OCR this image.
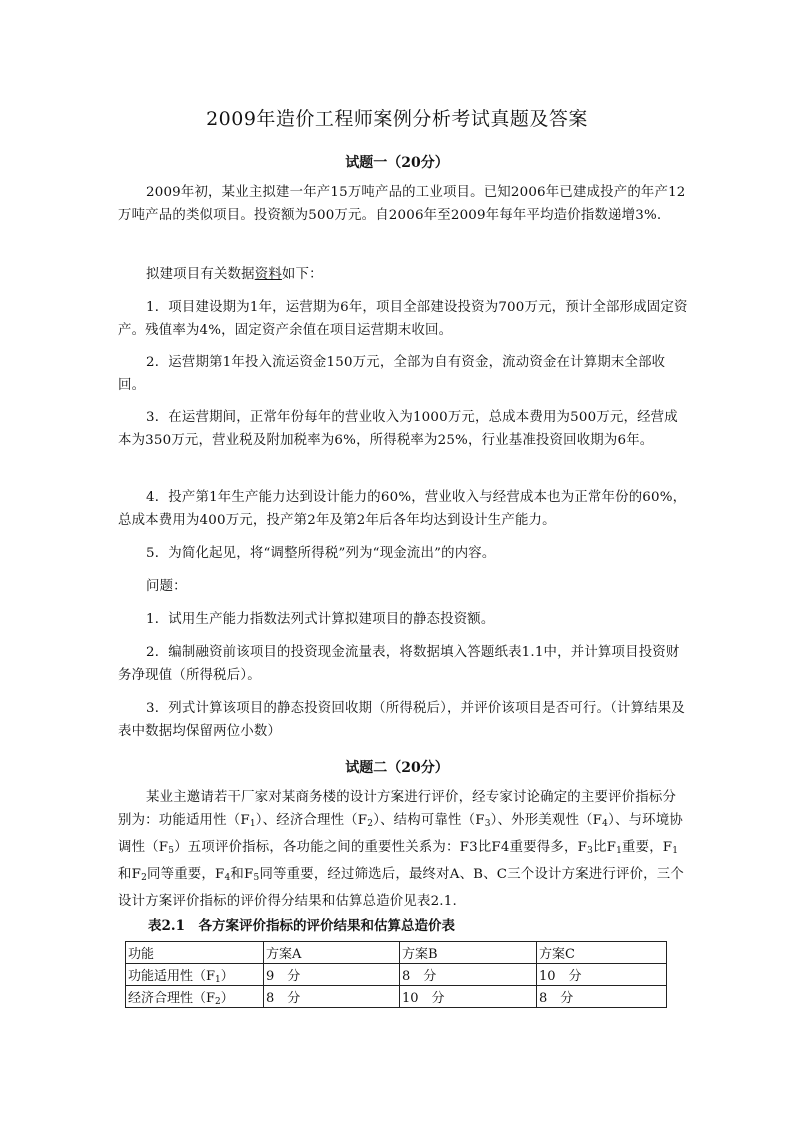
2009年造价工程师案例分析考试真题及答案
试题一（20分）
2009年初，某业主拟建一年产15万吨产品的工业项目。已知2006年已建成投产的年产12万吨产品的类似项目。投资额为500万元。自2006年至2009年每年平均造价指数递增3%.
拟建项目有关数据资料如下：
1．项目建设期为1年，运营期为6年，项目全部建设投资为700万元，预计全部形成固定资产。残值率为4%，固定资产余值在项目运营期末收回。
2．运营期第1年投入流运资金150万元，全部为自有资金，流动资金在计算期末全部收回。
3．在运营期间，正常年份每年的营业收入为1000万元，总成本费用为500万元，经营成本为350万元，营业税及附加税率为6%，所得税率为25%，行业基准投资回收期为6年。
4．投产第1年生产能力达到设计能力的60%，营业收入与经营成本也为正常年份的60%，总成本费用为400万元，投产第2年及第2年后各年均达到设计生产能力。
5．为简化起见，将“调整所得税”列为“现金流出”的内容。
问题：
1．试用生产能力指数法列式计算拟建项目的静态投资额。
2．编制融资前该项目的投资现金流量表，将数据填入答题纸表1.1中，并计算项目投资财务净现值（所得税后）。
3．列式计算该项目的静态投资回收期（所得税后），并评价该项目是否可行。（计算结果及表中数据均保留两位小数）
试题二（20分）
某业主邀请若干厂家对某商务楼的设计方案进行评价，经专家讨论确定的主要评价指标分别为：功能适用性$(F_1)$、经济合理性$(F_2)$、结构可靠性$(F_3)$、外形美观性$(F_4)$、与环境协调性$(F_5)$五项评价指标，各功能之间的重要性关系为：F3比F4重要得多，$F_3$比$F_1$重要，$F_1$和$F_2$同等重要，$F_4$和$F_5$同等重要，经过筛选后，最终对A、B、C三个设计方案进行评价，三个设计方案评价指标的评价得分结果和估算总造价见表2.1.
表2.1　各方案评价指标的评价结果和估算总造价表
功能	方案A	方案B	方案C
功能适用性$(F_1)$	9　分	8　分	10　分
经济合理性$(F_2)$	8　分	10　分	8　分
